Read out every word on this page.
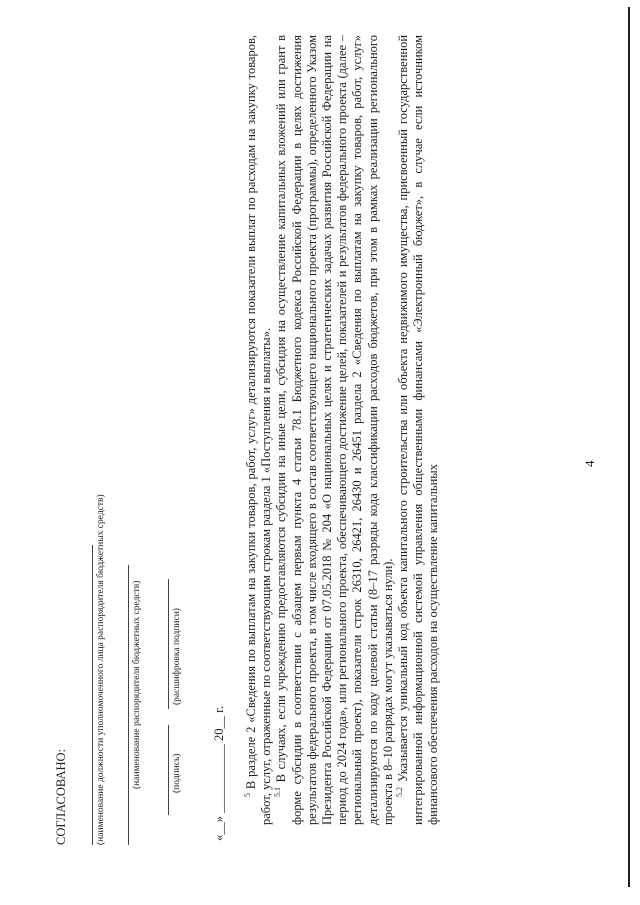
4
СОГЛАСОВАНО:	(наименование должности уполномоченного лица распорядителя бюджетных средств)	(наименование распорядителя бюджетных средств)	(подпись)
(расшифровка подписи)
«__» ___________ 20__ г. $^5$ В разделе 2 «Сведения по выплатам на закупки товаров, работ, услуг» детализируются показатели выплат по расходам на закупку товаров, работ, услуг, отраженные по соответствующим строкам раздела 1 «Поступления и выплаты». $^{5.1}$ В случаях, если учреждению предоставляются субсидии на иные цели, субсидия на осуществление капитальных вложений или грант в форме субсидии в соответствии с абзацем первым пункта 4 статьи 78.1 Бюджетного кодекса Российской Федерации в целях достижения результатов федерального проекта, в том числе входящего в состав соответствующего национального проекта (программы), определенного Указом Президента Российской Федерации от 07.05.2018 № 204 «О национальных целях и стратегических задачах развития Российской Федерации на период до 2024 года», или регионального проекта, обеспечивающего достижение целей, показателей и результатов федерального проекта (далее – региональный проект), показатели строк 26310, 26421, 26430 и 26451 раздела 2 «Сведения по выплатам на закупку товаров, работ, услуг» детализируются по коду целевой статьи (8–17 разряды кода классификации расходов бюджетов, при этом в рамках реализации регионального проекта в 8–10 разрядах могут указываться нули). $^{5.2}$ Указывается уникальный код объекта капитального строительства или объекта недвижимого имущества, присвоенный государственной интегрированной информационной системой управления общественными финансами «Электронный бюджет», в случае если источником финансового обеспечения расходов на осуществление капитальных
